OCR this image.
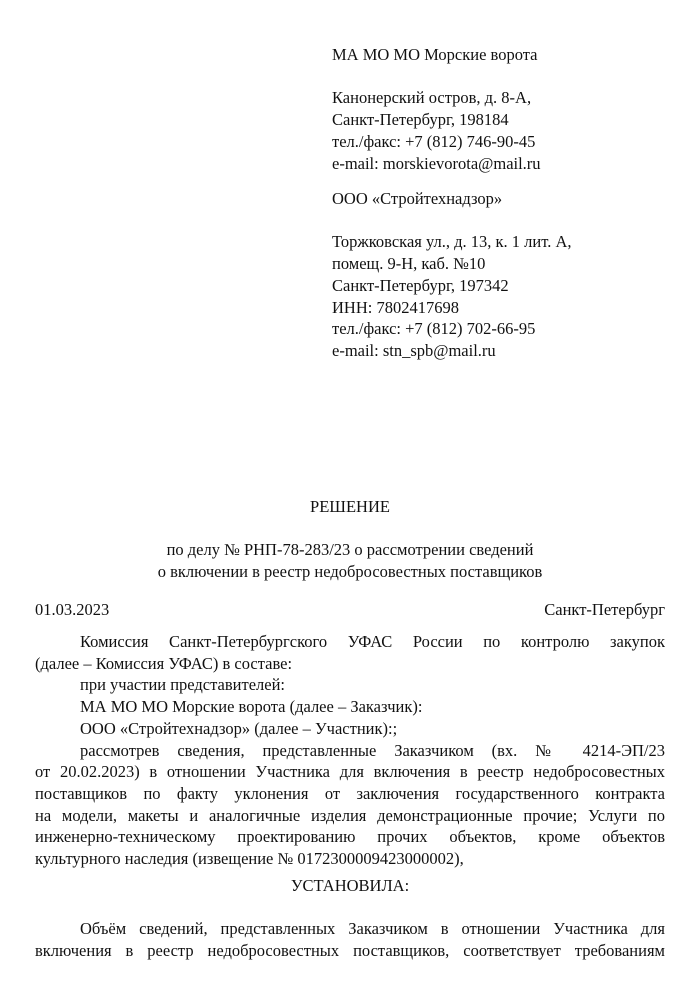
МА МО МО Морские ворота
Канонерский остров, д. 8-А,
Санкт-Петербург, 198184
тел./факс: +7 (812) 746-90-45
e-mail: morskievorota@mail.ru
ООО «Стройтехнадзор»
Торжковская ул., д. 13, к. 1 лит. А,
помещ. 9-Н, каб. №10
Санкт-Петербург, 197342
ИНН: 7802417698
тел./факс: +7 (812) 702-66-95
e-mail: stn_spb@mail.ru
РЕШЕНИЕ
по делу № РНП-78-283/23 о рассмотрении сведений
о включении в реестр недобросовестных поставщиков
01.03.2023	Санкт-Петербург

Комиссия Санкт-Петербургского УФАС России по контролю закупок

(далее – Комиссия УФАС) в составе:

при участии представителей:

МА МО МО Морские ворота (далее – Заказчик):

ООО «Стройтехнадзор» (далее – Участник):;

рассмотрев сведения, представленные Заказчиком (вх. № 4214-ЭП/23

от 20.02.2023) в отношении Участника для включения в реестр недобросовестных

поставщиков по факту уклонения от заключения государственного контракта

на модели, макеты и аналогичные изделия демонстрационные прочие; Услуги по

инженерно-техническому проектированию прочих объектов, кроме объектов

культурного наследия (извещение № 0172300009423000002),

УСТАНОВИЛА:

Объём сведений, представленных Заказчиком в отношении Участника для

включения в реестр недобросовестных поставщиков, соответствует требованиям
